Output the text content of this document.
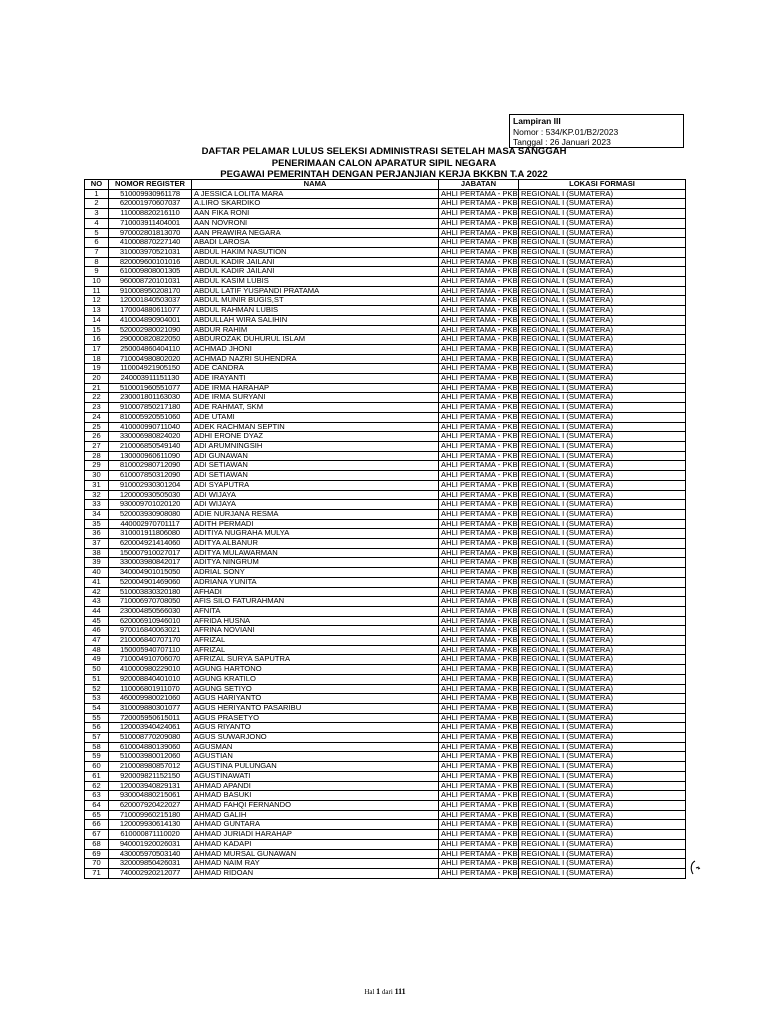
Lampiran III
Nomor : 534/KP.01/B2/2023
Tanggal : 26 Januari 2023
DAFTAR PELAMAR LULUS SELEKSI ADMINISTRASI SETELAH MASA SANGGAH
PENERIMAAN CALON APARATUR SIPIL NEGARA
PEGAWAI PEMERINTAH DENGAN PERJANJIAN KERJA BKKBN T.A 2022
NO	NOMOR REGISTER	NAMA	JABATAN	LOKASI FORMASI
1	510009930961178	A JESSICA LOLITA MARA	AHLI PERTAMA - PKB	REGIONAL I (SUMATERA)
2	620001970607037	A.LIRO SKARDIKO	AHLI PERTAMA - PKB	REGIONAL I (SUMATERA)
3	110008820216110	AAN FIKA RONI	AHLI PERTAMA - PKB	REGIONAL I (SUMATERA)
4	710003911404001	AAN NOVRONI	AHLI PERTAMA - PKB	REGIONAL I (SUMATERA)
5	970002801813070	AAN PRAWIRA NEGARA	AHLI PERTAMA - PKB	REGIONAL I (SUMATERA)
6	410008870227140	ABADI LAROSA	AHLI PERTAMA - PKB	REGIONAL I (SUMATERA)
7	310003970521031	ABDUL HAKIM NASUTION	AHLI PERTAMA - PKB	REGIONAL I (SUMATERA)
8	820009600101016	ABDUL KADIR JAILANI	AHLI PERTAMA - PKB	REGIONAL I (SUMATERA)
9	610009808001305	ABDUL KADIR JAILANI	AHLI PERTAMA - PKB	REGIONAL I (SUMATERA)
10	960008720101031	ABDUL KASIM LUBIS	AHLI PERTAMA - PKB	REGIONAL I (SUMATERA)
11	910008950208170	ABDUL LATIF YUSPANDI PRATAMA	AHLI PERTAMA - PKB	REGIONAL I (SUMATERA)
12	120001840503037	ABDUL MUNIR BUGIS,ST	AHLI PERTAMA - PKB	REGIONAL I (SUMATERA)
13	170004880611077	ABDUL RAHMAN LUBIS	AHLI PERTAMA - PKB	REGIONAL I (SUMATERA)
14	410004890904001	ABDULLAH WIRA SALIHIN	AHLI PERTAMA - PKB	REGIONAL I (SUMATERA)
15	520002980021090	ABDUR RAHIM	AHLI PERTAMA - PKB	REGIONAL I (SUMATERA)
16	290000820822050	ABDUROZAK DUHURUL ISLAM	AHLI PERTAMA - PKB	REGIONAL I (SUMATERA)
17	250004860404110	ACHMAD JHONI	AHLI PERTAMA - PKB	REGIONAL I (SUMATERA)
18	710004980802020	ACHMAD NAZRI SUHENDRA	AHLI PERTAMA - PKB	REGIONAL I (SUMATERA)
19	110004921905150	ADE CANDRA	AHLI PERTAMA - PKB	REGIONAL I (SUMATERA)
20	240003911151130	ADE IRAYANTI	AHLI PERTAMA - PKB	REGIONAL I (SUMATERA)
21	510001960551077	ADE IRMA HARAHAP	AHLI PERTAMA - PKB	REGIONAL I (SUMATERA)
22	230001801163030	ADE IRMA SURYANI	AHLI PERTAMA - PKB	REGIONAL I (SUMATERA)
23	910007850217180	ADE RAHMAT, SKM	AHLI PERTAMA - PKB	REGIONAL I (SUMATERA)
24	810005920551060	ADE UTAMI	AHLI PERTAMA - PKB	REGIONAL I (SUMATERA)
25	410000990711040	ADEK RACHMAN SEPTIN	AHLI PERTAMA - PKB	REGIONAL I (SUMATERA)
26	330006980824020	ADHI ERONE DYAZ	AHLI PERTAMA - PKB	REGIONAL I (SUMATERA)
27	210006850549140	ADI ARUMNINGSIH	AHLI PERTAMA - PKB	REGIONAL I (SUMATERA)
28	130000960611090	ADI GUNAWAN	AHLI PERTAMA - PKB	REGIONAL I (SUMATERA)
29	810002980712090	ADI SETIAWAN	AHLI PERTAMA - PKB	REGIONAL I (SUMATERA)
30	610007850312090	ADI SETIAWAN	AHLI PERTAMA - PKB	REGIONAL I (SUMATERA)
31	910002930301204	ADI SYAPUTRA	AHLI PERTAMA - PKB	REGIONAL I (SUMATERA)
32	120000930505030	ADI WIJAYA	AHLI PERTAMA - PKB	REGIONAL I (SUMATERA)
33	930009701020120	ADI WIJAYA	AHLI PERTAMA - PKB	REGIONAL I (SUMATERA)
34	520003930908080	ADIE NURJANA RESMA	AHLI PERTAMA - PKB	REGIONAL I (SUMATERA)
35	440002970701117	ADITH PERMADI	AHLI PERTAMA - PKB	REGIONAL I (SUMATERA)
36	310001911806080	ADITIYA NUGRAHA MULYA	AHLI PERTAMA - PKB	REGIONAL I (SUMATERA)
37	620004921414060	ADITYA ALBANUR	AHLI PERTAMA - PKB	REGIONAL I (SUMATERA)
38	150007910027017	ADITYA MULAWARMAN	AHLI PERTAMA - PKB	REGIONAL I (SUMATERA)
39	330003980842017	ADITYA NINGRUM	AHLI PERTAMA - PKB	REGIONAL I (SUMATERA)
40	340004901015050	ADRIAL SONY	AHLI PERTAMA - PKB	REGIONAL I (SUMATERA)
41	520004901469060	ADRIANA YUNITA	AHLI PERTAMA - PKB	REGIONAL I (SUMATERA)
42	510003830320180	AFHADI	AHLI PERTAMA - PKB	REGIONAL I (SUMATERA)
43	710006970708050	AFIS SILO FATURAHMAN	AHLI PERTAMA - PKB	REGIONAL I (SUMATERA)
44	230004850566030	AFNITA	AHLI PERTAMA - PKB	REGIONAL I (SUMATERA)
45	620006910946010	AFRIDA HUSNA	AHLI PERTAMA - PKB	REGIONAL I (SUMATERA)
46	970016840063021	AFRINA NOVIANI	AHLI PERTAMA - PKB	REGIONAL I (SUMATERA)
47	210006840707170	AFRIZAL	AHLI PERTAMA - PKB	REGIONAL I (SUMATERA)
48	150005940707110	AFRIZAL	AHLI PERTAMA - PKB	REGIONAL I (SUMATERA)
49	710004910706070	AFRIZAL SURYA SAPUTRA	AHLI PERTAMA - PKB	REGIONAL I (SUMATERA)
50	410000980229010	AGUNG HARTONO	AHLI PERTAMA - PKB	REGIONAL I (SUMATERA)
51	920008840401010	AGUNG KRATILO	AHLI PERTAMA - PKB	REGIONAL I (SUMATERA)
52	110006801911070	AGUNG SETIYO	AHLI PERTAMA - PKB	REGIONAL I (SUMATERA)
53	460009980021060	AGUS HARIYANTO	AHLI PERTAMA - PKB	REGIONAL I (SUMATERA)
54	310009880301077	AGUS HERIYANTO PASARIBU	AHLI PERTAMA - PKB	REGIONAL I (SUMATERA)
55	720005950615011	AGUS PRASETYO	AHLI PERTAMA - PKB	REGIONAL I (SUMATERA)
56	120003940424061	AGUS RIYANTO	AHLI PERTAMA - PKB	REGIONAL I (SUMATERA)
57	510008770209080	AGUS SUWARJONO	AHLI PERTAMA - PKB	REGIONAL I (SUMATERA)
58	610004880139060	AGUSMAN	AHLI PERTAMA - PKB	REGIONAL I (SUMATERA)
59	510003980012060	AGUSTIAN	AHLI PERTAMA - PKB	REGIONAL I (SUMATERA)
60	210008980857012	AGUSTINA PULUNGAN	AHLI PERTAMA - PKB	REGIONAL I (SUMATERA)
61	920009821152150	AGUSTINAWATI	AHLI PERTAMA - PKB	REGIONAL I (SUMATERA)
62	120003940829131	AHMAD APANDI	AHLI PERTAMA - PKB	REGIONAL I (SUMATERA)
63	930004880215061	AHMAD BASUKI	AHLI PERTAMA - PKB	REGIONAL I (SUMATERA)
64	620007920422027	AHMAD FAHQI FERNANDO	AHLI PERTAMA - PKB	REGIONAL I (SUMATERA)
65	710009960215180	AHMAD GALIH	AHLI PERTAMA - PKB	REGIONAL I (SUMATERA)
66	120009930614130	AHMAD GUNTARA	AHLI PERTAMA - PKB	REGIONAL I (SUMATERA)
67	610000871110020	AHMAD JURIADI HARAHAP	AHLI PERTAMA - PKB	REGIONAL I (SUMATERA)
68	940001920026031	AHMAD KADAPI	AHLI PERTAMA - PKB	REGIONAL I (SUMATERA)
69	430005970503140	AHMAD MURSAL GUNAWAN	AHLI PERTAMA - PKB	REGIONAL I (SUMATERA)
70	320009850426031	AHMAD NAIM RAY	AHLI PERTAMA - PKB	REGIONAL I (SUMATERA)
71	740002920212077	AHMAD RIDOAN	AHLI PERTAMA - PKB	REGIONAL I (SUMATERA)
Hal 1 dari 111
